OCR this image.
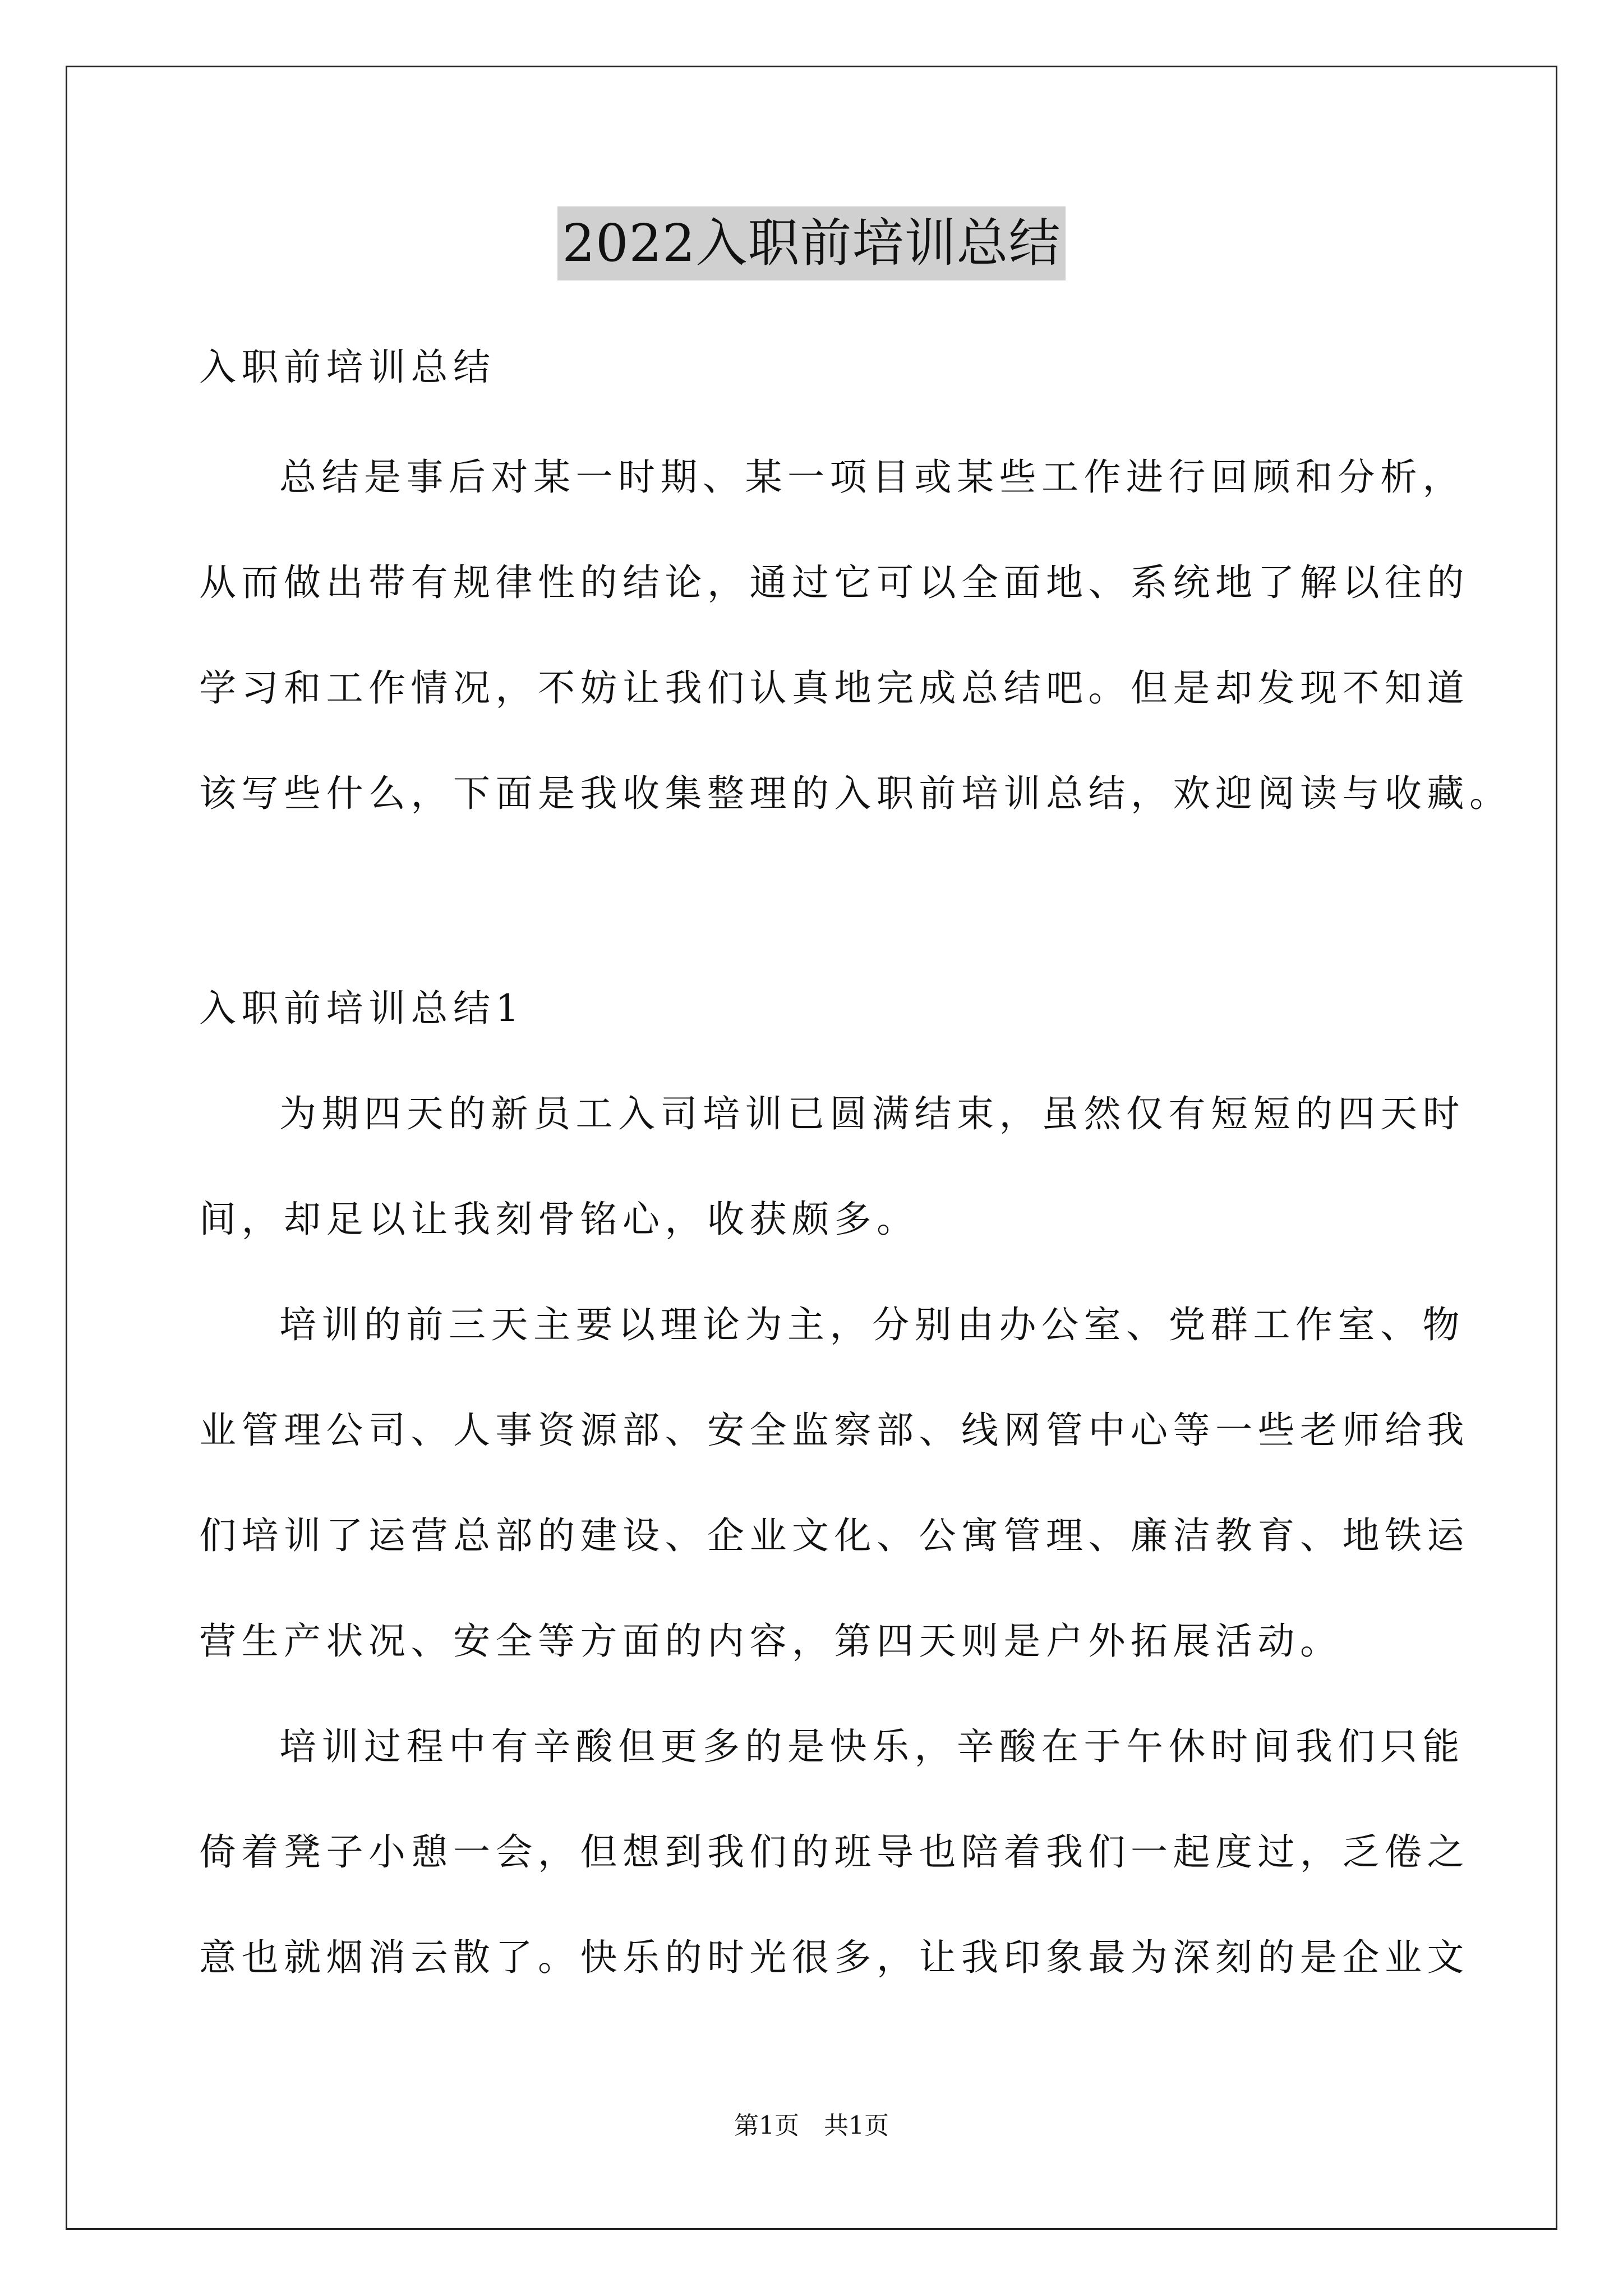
2022入职前培训总结
入职前培训总结
总结是事后对某一时期、某一项目或某些工作进行回顾和分析，
从而做出带有规律性的结论，通过它可以全面地、系统地了解以往的
学习和工作情况，不妨让我们认真地完成总结吧。但是却发现不知道
该写些什么，下面是我收集整理的入职前培训总结，欢迎阅读与收藏。
入职前培训总结1
为期四天的新员工入司培训已圆满结束，虽然仅有短短的四天时
间，却足以让我刻骨铭心，收获颇多。
培训的前三天主要以理论为主，分别由办公室、党群工作室、物
业管理公司、人事资源部、安全监察部、线网管中心等一些老师给我
们培训了运营总部的建设、企业文化、公寓管理、廉洁教育、地铁运
营生产状况、安全等方面的内容，第四天则是户外拓展活动。
培训过程中有辛酸但更多的是快乐，辛酸在于午休时间我们只能
倚着凳子小憩一会，但想到我们的班导也陪着我们一起度过，乏倦之
意也就烟消云散了。快乐的时光很多，让我印象最为深刻的是企业文
第1页　共1页
